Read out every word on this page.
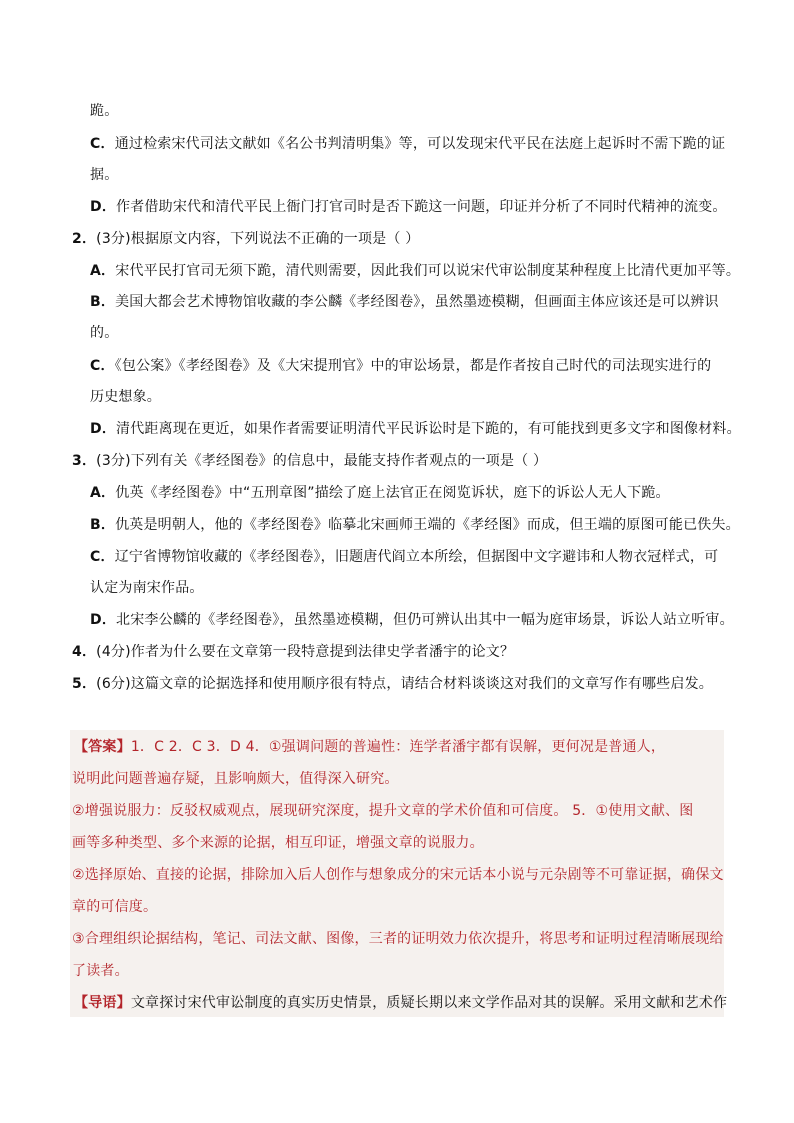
跪。
C．通过检索宋代司法文献如《名公书判清明集》等，可以发现宋代平民在法庭上起诉时不需下跪的证
据。
D．作者借助宋代和清代平民上衙门打官司时是否下跪这一问题，印证并分析了不同时代精神的流变。
2．(3分)根据原文内容，下列说法不正确的一项是（ ）
A．宋代平民打官司无须下跪，清代则需要，因此我们可以说宋代审讼制度某种程度上比清代更加平等。
B．美国大都会艺术博物馆收藏的李公麟《孝经图卷》，虽然墨迹模糊，但画面主体应该还是可以辨识
的。
C．《包公案》《孝经图卷》及《大宋提刑官》中的审讼场景，都是作者按自己时代的司法现实进行的
历史想象。
D．清代距离现在更近，如果作者需要证明清代平民诉讼时是下跪的，有可能找到更多文字和图像材料。
3．(3分)下列有关《孝经图卷》的信息中，最能支持作者观点的一项是（ ）
A．仇英《孝经图卷》中“五刑章图”描绘了庭上法官正在阅览诉状，庭下的诉讼人无人下跪。
B．仇英是明朝人，他的《孝经图卷》临摹北宋画师王端的《孝经图》而成，但王端的原图可能已佚失。
C．辽宁省博物馆收藏的《孝经图卷》，旧题唐代阎立本所绘，但据图中文字避讳和人物衣冠样式，可
认定为南宋作品。
D．北宋李公麟的《孝经图卷》，虽然墨迹模糊，但仍可辨认出其中一幅为庭审场景，诉讼人站立听审。
4．(4分)作者为什么要在文章第一段特意提到法律史学者潘宇的论文？
5．(6分)这篇文章的论据选择和使用顺序很有特点，请结合材料谈谈这对我们的文章写作有哪些启发。
【答案】1．C 2．C 3．D 4．①强调问题的普遍性：连学者潘宇都有误解，更何况是普通人，
说明此问题普遍存疑，且影响颇大，值得深入研究。
②增强说服力：反驳权威观点，展现研究深度，提升文章的学术价值和可信度。 5．①使用文献、图
画等多种类型、多个来源的论据，相互印证，增强文章的说服力。
②选择原始、直接的论据，排除加入后人创作与想象成分的宋元话本小说与元杂剧等不可靠证据，确保文
章的可信度。
③合理组织论据结构，笔记、司法文献、图像，三者的证明效力依次提升，将思考和证明过程清晰展现给
了读者。
【导语】文章探讨宋代审讼制度的真实历史情景，质疑长期以来文学作品对其的误解。采用文献和艺术作
